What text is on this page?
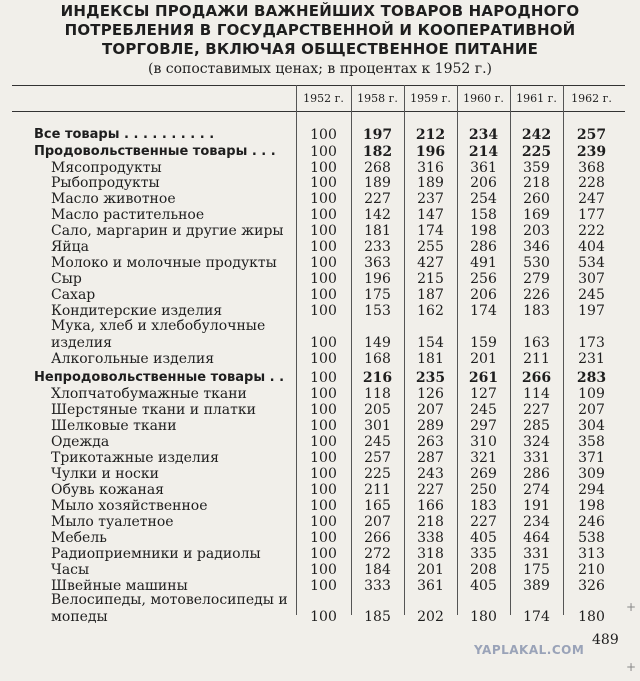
ИНДЕКСЫ ПРОДАЖИ ВАЖНЕЙШИХ ТОВАРОВ НАРОДНОГО
ПОТРЕБЛЕНИЯ В ГОСУДАРСТВЕННОЙ И КООПЕРАТИВНОЙ
ТОРГОВЛЕ, ВКЛЮЧАЯ ОБЩЕСТВЕННОЕ ПИТАНИЕ
(в сопоставимых ценах; в процентах к 1952 г.)
1952 г.	1958 г.	1959 г.	1960 г.	1961 г.	1962 г.
Все товары . . . . . . . . . .	100	197	212	234	242	257
Продовольственные товары . . .	100	182	196	214	225	239
Мясопродукты	100	268	316	361	359	368
Рыбопродукты	100	189	189	206	218	228
Масло животное	100	227	237	254	260	247
Масло растительное	100	142	147	158	169	177
Сало, маргарин и другие жиры	100	181	174	198	203	222
Яйца	100	233	255	286	346	404
Молоко и молочные продукты	100	363	427	491	530	534
Сыр	100	196	215	256	279	307
Сахар	100	175	187	206	226	245
Кондитерские изделия	100	153	162	174	183	197
Мука, хлеб и хлебобулочные
изделия	100	149	154	159	163	173
Алкогольные изделия	100	168	181	201	211	231
Непродовольственные товары . .	100	216	235	261	266	283
Хлопчатобумажные ткани	100	118	126	127	114	109
Шерстяные ткани и платки	100	205	207	245	227	207
Шелковые ткани	100	301	289	297	285	304
Одежда	100	245	263	310	324	358
Трикотажные изделия	100	257	287	321	331	371
Чулки и носки	100	225	243	269	286	309
Обувь кожаная	100	211	227	250	274	294
Мыло хозяйственное	100	165	166	183	191	198
Мыло туалетное	100	207	218	227	234	246
Мебель	100	266	338	405	464	538
Радиоприемники и радиолы	100	272	318	335	331	313
Часы	100	184	201	208	175	210
Швейные машины	100	333	361	405	389	326
Велосипеды, мотовелосипеды и
мопеды	100	185	202	180	174	180
489
YAPLAKAL.COM
+
+
